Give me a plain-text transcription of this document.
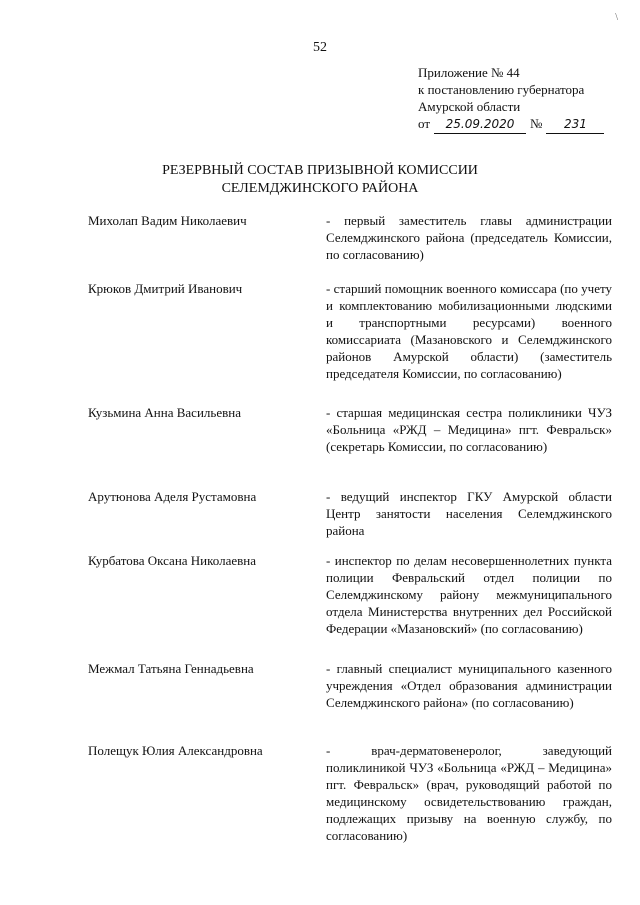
\
52
Приложение № 44
к постановлению губернатора
Амурской области
от	25.09.2020	№	231
РЕЗЕРВНЫЙ СОСТАВ ПРИЗЫВНОЙ КОМИССИИ
СЕЛЕМДЖИНСКОГО РАЙОНА
Михолап Вадим Николаевич	- первый заместитель главы администрации Селемджинского района (председатель Комиссии, по согласованию)
Крюков Дмитрий Иванович	- старший помощник военного комиссара (по учету и комплектованию мобилизационными людскими и транспортными ресурсами) военного комиссариата (Мазановского и Селемджинского районов Амурской области) (заместитель председателя Комиссии, по согласованию)
Кузьмина Анна Васильевна	- старшая медицинская сестра поликлиники ЧУЗ «Больница «РЖД – Медицина» пгт. Февральск» (секретарь Комиссии, по согласованию)
Арутюнова Аделя Рустамовна	- ведущий инспектор ГКУ Амурской области Центр занятости населения Селемджинского района
Курбатова Оксана Николаевна	- инспектор по делам несовершеннолетних пункта полиции Февральский отдел полиции по Селемджинскому району межмуниципального отдела Министерства внутренних дел Российской Федерации «Мазановский» (по согласованию)
Межмал Татьяна Геннадьевна	- главный специалист муниципального казенного учреждения «Отдел образования администрации Селемджинского района» (по согласованию)
Полещук Юлия Александровна	- врач-дерматовенеролог, заведующий поликлиникой ЧУЗ «Больница «РЖД – Медицина» пгт. Февральск» (врач, руководящий работой по медицинскому освидетельствованию граждан, подлежащих призыву на военную службу, по согласованию)
